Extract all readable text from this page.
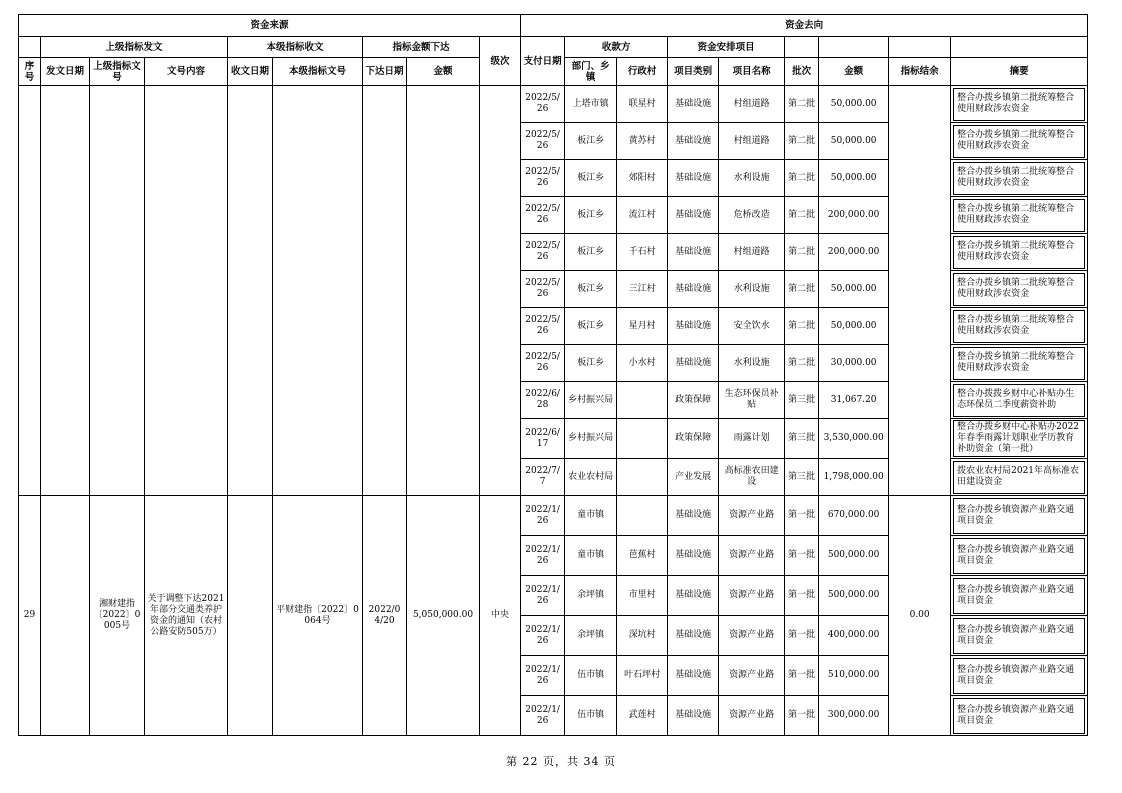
资金来源									资金去向								
	上级指标发文			本级指标收文		指标金额下达		级次	支付日期	收款方		资金安排项目					
序号	发文日期	上级指标文号	文号内容	收文日期	本级指标文号	下达日期	金额			部门、乡镇	行政村	项目类别	项目名称	批次	金额	指标结余	摘要
									2022/5/26	上塔市镇	联星村	基础设施	村组道路	第二批	50,000.00		整合办拨乡镇第二批统筹整合使用财政涉农资金

									2022/5/26	板江乡	黄苏村	基础设施	村组道路	第二批	50,000.00		整合办拨乡镇第二批统筹整合使用财政涉农资金

									2022/5/26	板江乡	郊阳村	基础设施	水利设施	第二批	50,000.00		整合办拨乡镇第二批统筹整合使用财政涉农资金

									2022/5/26	板江乡	流江村	基础设施	危桥改造	第二批	200,000.00		整合办拨乡镇第二批统筹整合使用财政涉农资金

									2022/5/26	板江乡	千石村	基础设施	村组道路	第二批	200,000.00		整合办拨乡镇第二批统筹整合使用财政涉农资金

									2022/5/26	板江乡	三江村	基础设施	水利设施	第二批	50,000.00		整合办拨乡镇第二批统筹整合使用财政涉农资金

									2022/5/26	板江乡	星月村	基础设施	安全饮水	第二批	50,000.00		整合办拨乡镇第二批统筹整合使用财政涉农资金

									2022/5/26	板江乡	小水村	基础设施	水利设施	第二批	30,000.00		整合办拨乡镇第二批统筹整合使用财政涉农资金

									2022/6/28	乡村振兴局		政策保障	生态环保员补贴	第三批	31,067.20		整合办拨拨乡财中心补贴办生态环保员二季度薪资补助

									2022/6/17	乡村振兴局		政策保障	雨露计划	第三批	3,530,000.00		整合办拨乡财中心补贴办2022年春季雨露计划职业学历教育补助资金（第一批）

									2022/7/7	农业农村局		产业发展	高标准农田建设	第三批	1,798,000.00		拨农业农村局2021年高标准农田建设资金

29		湘财建指〔2022〕0005号	关于调整下达2021年部分交通类养护资金的通知（农村公路安防505万）		平财建指〔2022〕0064号	2022/04/20	5,050,000.00	中央	2022/1/26	童市镇		基础设施	资源产业路	第一批	670,000.00	0.00	整合办拨乡镇资源产业路交通项目资金

									2022/1/26	童市镇	芭蕉村	基础设施	资源产业路	第一批	500,000.00		整合办拨乡镇资源产业路交通项目资金

									2022/1/26	余坪镇	市里村	基础设施	资源产业路	第一批	500,000.00		整合办拨乡镇资源产业路交通项目资金

									2022/1/26	余坪镇	深坑村	基础设施	资源产业路	第一批	400,000.00		整合办拨乡镇资源产业路交通项目资金

									2022/1/26	伍市镇	叶石坪村	基础设施	资源产业路	第一批	510,000.00		整合办拨乡镇资源产业路交通项目资金

									2022/1/26	伍市镇	武莲村	基础设施	资源产业路	第一批	300,000.00		整合办拨乡镇资源产业路交通项目资金
第 22 页，共 34 页
